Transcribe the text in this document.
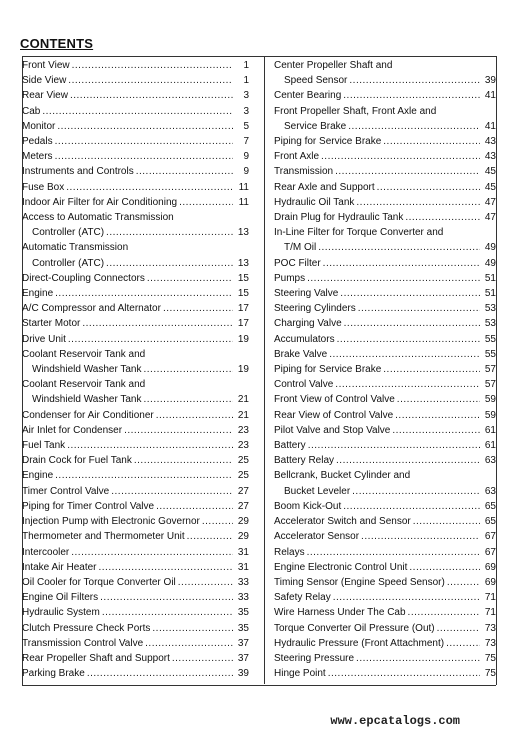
CONTENTS
Front View .....	1
Side View .....	1
Rear View .....	3
Cab .....	3
Monitor .....	5
Pedals .....	7
Meters .....	9
Instruments and Controls .....	9
Fuse Box .....	11
Indoor Air Filter for Air Conditioning .....	11
Access to Automatic Transmission
Controller (ATC) .....	13
Automatic Transmission
Controller (ATC) .....	13
Direct-Coupling Connectors .....	15
Engine .....	15
A/C Compressor and Alternator .....	17
Starter Motor .....	17
Drive Unit .....	19
Coolant Reservoir Tank and
Windshield Washer Tank .....	19
Coolant Reservoir Tank and
Windshield Washer Tank .....	21
Condenser for Air Conditioner .....	21
Air Inlet for Condenser .....	23
Fuel Tank .....	23
Drain Cock for Fuel Tank .....	25
Engine .....	25
Timer Control Valve .....	27
Piping for Timer Control Valve .....	27
Injection Pump with Electronic Governor .....	29
Thermometer and Thermometer Unit .....	29
Intercooler .....	31
Intake Air Heater .....	31
Oil Cooler for Torque Converter Oil .....	33
Engine Oil Filters .....	33
Hydraulic System .....	35
Clutch Pressure Check Ports .....	35
Transmission Control Valve .....	37
Rear Propeller Shaft and Support .....	37
Parking Brake .....	39
Center Propeller Shaft and
Speed Sensor .....	39
Center Bearing .....	41
Front Propeller Shaft, Front Axle and
Service Brake .....	41
Piping for Service Brake .....	43
Front Axle .....	43
Transmission .....	45
Rear Axle and Support .....	45
Hydraulic Oil Tank .....	47
Drain Plug for Hydraulic Tank .....	47
In-Line Filter for Torque Converter and
T/M Oil .....	49
POC Filter .....	49
Pumps .....	51
Steering Valve .....	51
Steering Cylinders .....	53
Charging Valve .....	53
Accumulators .....	55
Brake Valve .....	55
Piping for Service Brake .....	57
Control Valve .....	57
Front View of Control Valve .....	59
Rear View of Control Valve .....	59
Pilot Valve and Stop Valve .....	61
Battery .....	61
Battery Relay .....	63
Bellcrank, Bucket Cylinder and
Bucket Leveler .....	63
Boom Kick-Out .....	65
Accelerator Switch and Sensor .....	65
Accelerator Sensor .....	67
Relays .....	67
Engine Electronic Control Unit .....	69
Timing Sensor (Engine Speed Sensor) .....	69
Safety Relay .....	71
Wire Harness Under The Cab .....	71
Torque Converter Oil Pressure (Out) .....	73
Hydraulic Pressure (Front Attachment) .....	73
Steering Pressure .....	75
Hinge Point .....	75
www.epcatalogs.com
